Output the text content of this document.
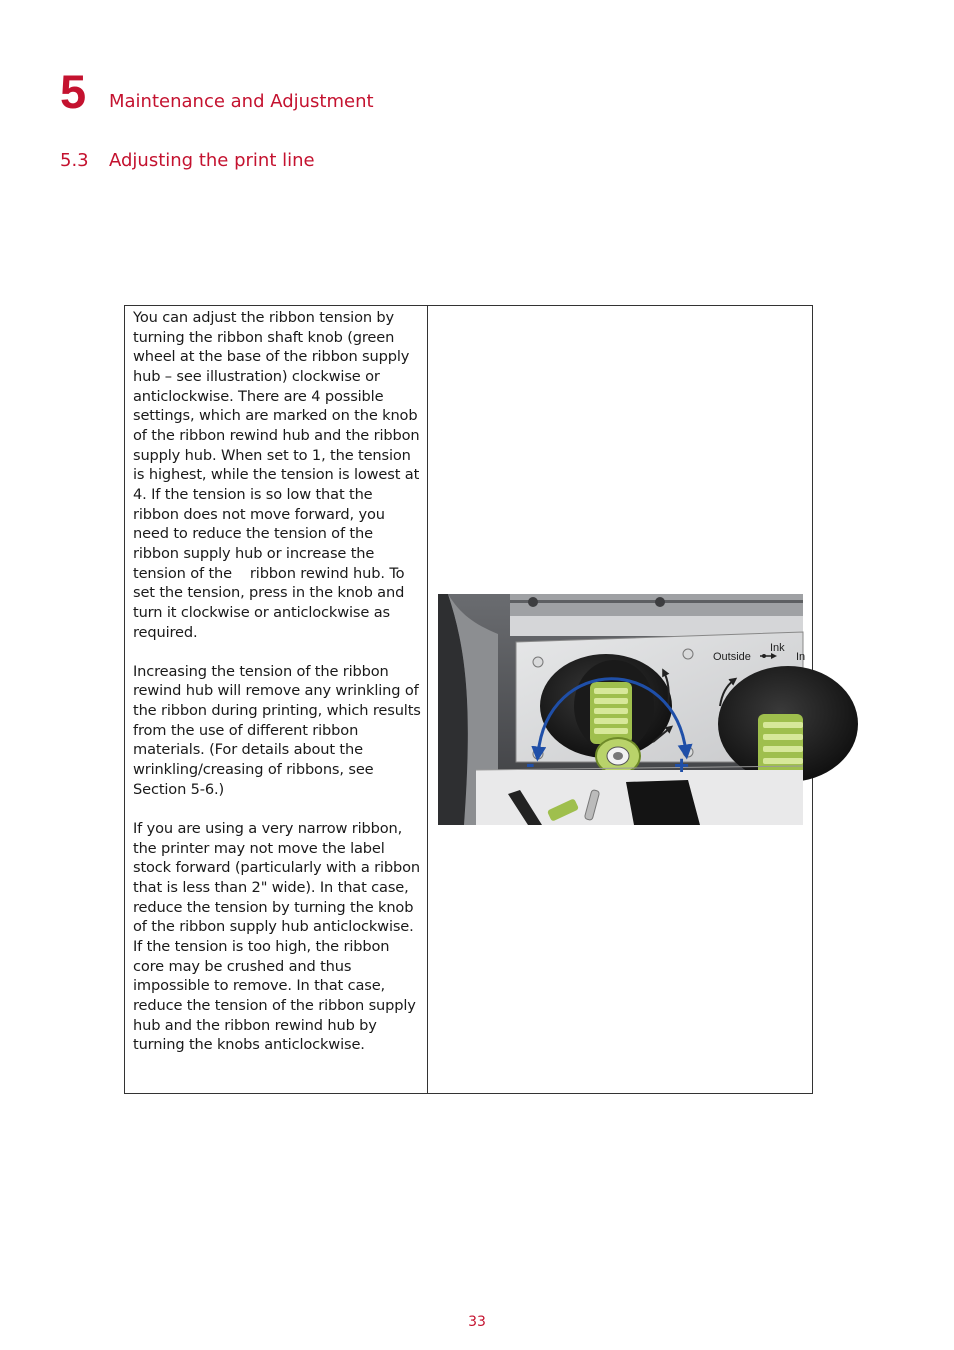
5 Maintenance and Adjustment
5.3 Adjusting the print line

You can adjust the ribbon tension by turning the ribbon shaft knob (green wheel at the base of the ribbon supply hub – see illustration) clockwise or anticlockwise. There are 4 possible settings, which are marked on the knob of the ribbon rewind hub and the ribbon supply hub. When set to 1, the tension is highest, while the tension is lowest at 4. If the tension is so low that the ribbon does not move forward, you need to reduce the tension of the ribbon supply hub or increase the tension of the    ribbon rewind hub. To set the tension, press in the knob and turn it clockwise or anticlockwise as required.

Increasing the tension of the ribbon rewind hub will remove any wrinkling of the ribbon during printing, which results from the use of different ribbon materials. (For details about the wrinkling/creasing of ribbons, see Section 5-6.)

If you are using a very narrow ribbon, the printer may not move the label stock forward (particularly with a ribbon that is less than 2" wide). In that case, reduce the tension by turning the knob of the ribbon supply hub anticlockwise. If the tension is too high, the ribbon core may be crushed and thus impossible to remove. In that case, reduce the tension of the ribbon supply hub and the ribbon rewind hub by turning the knobs anticlockwise.

Outside
Ink
In
-	+
33
